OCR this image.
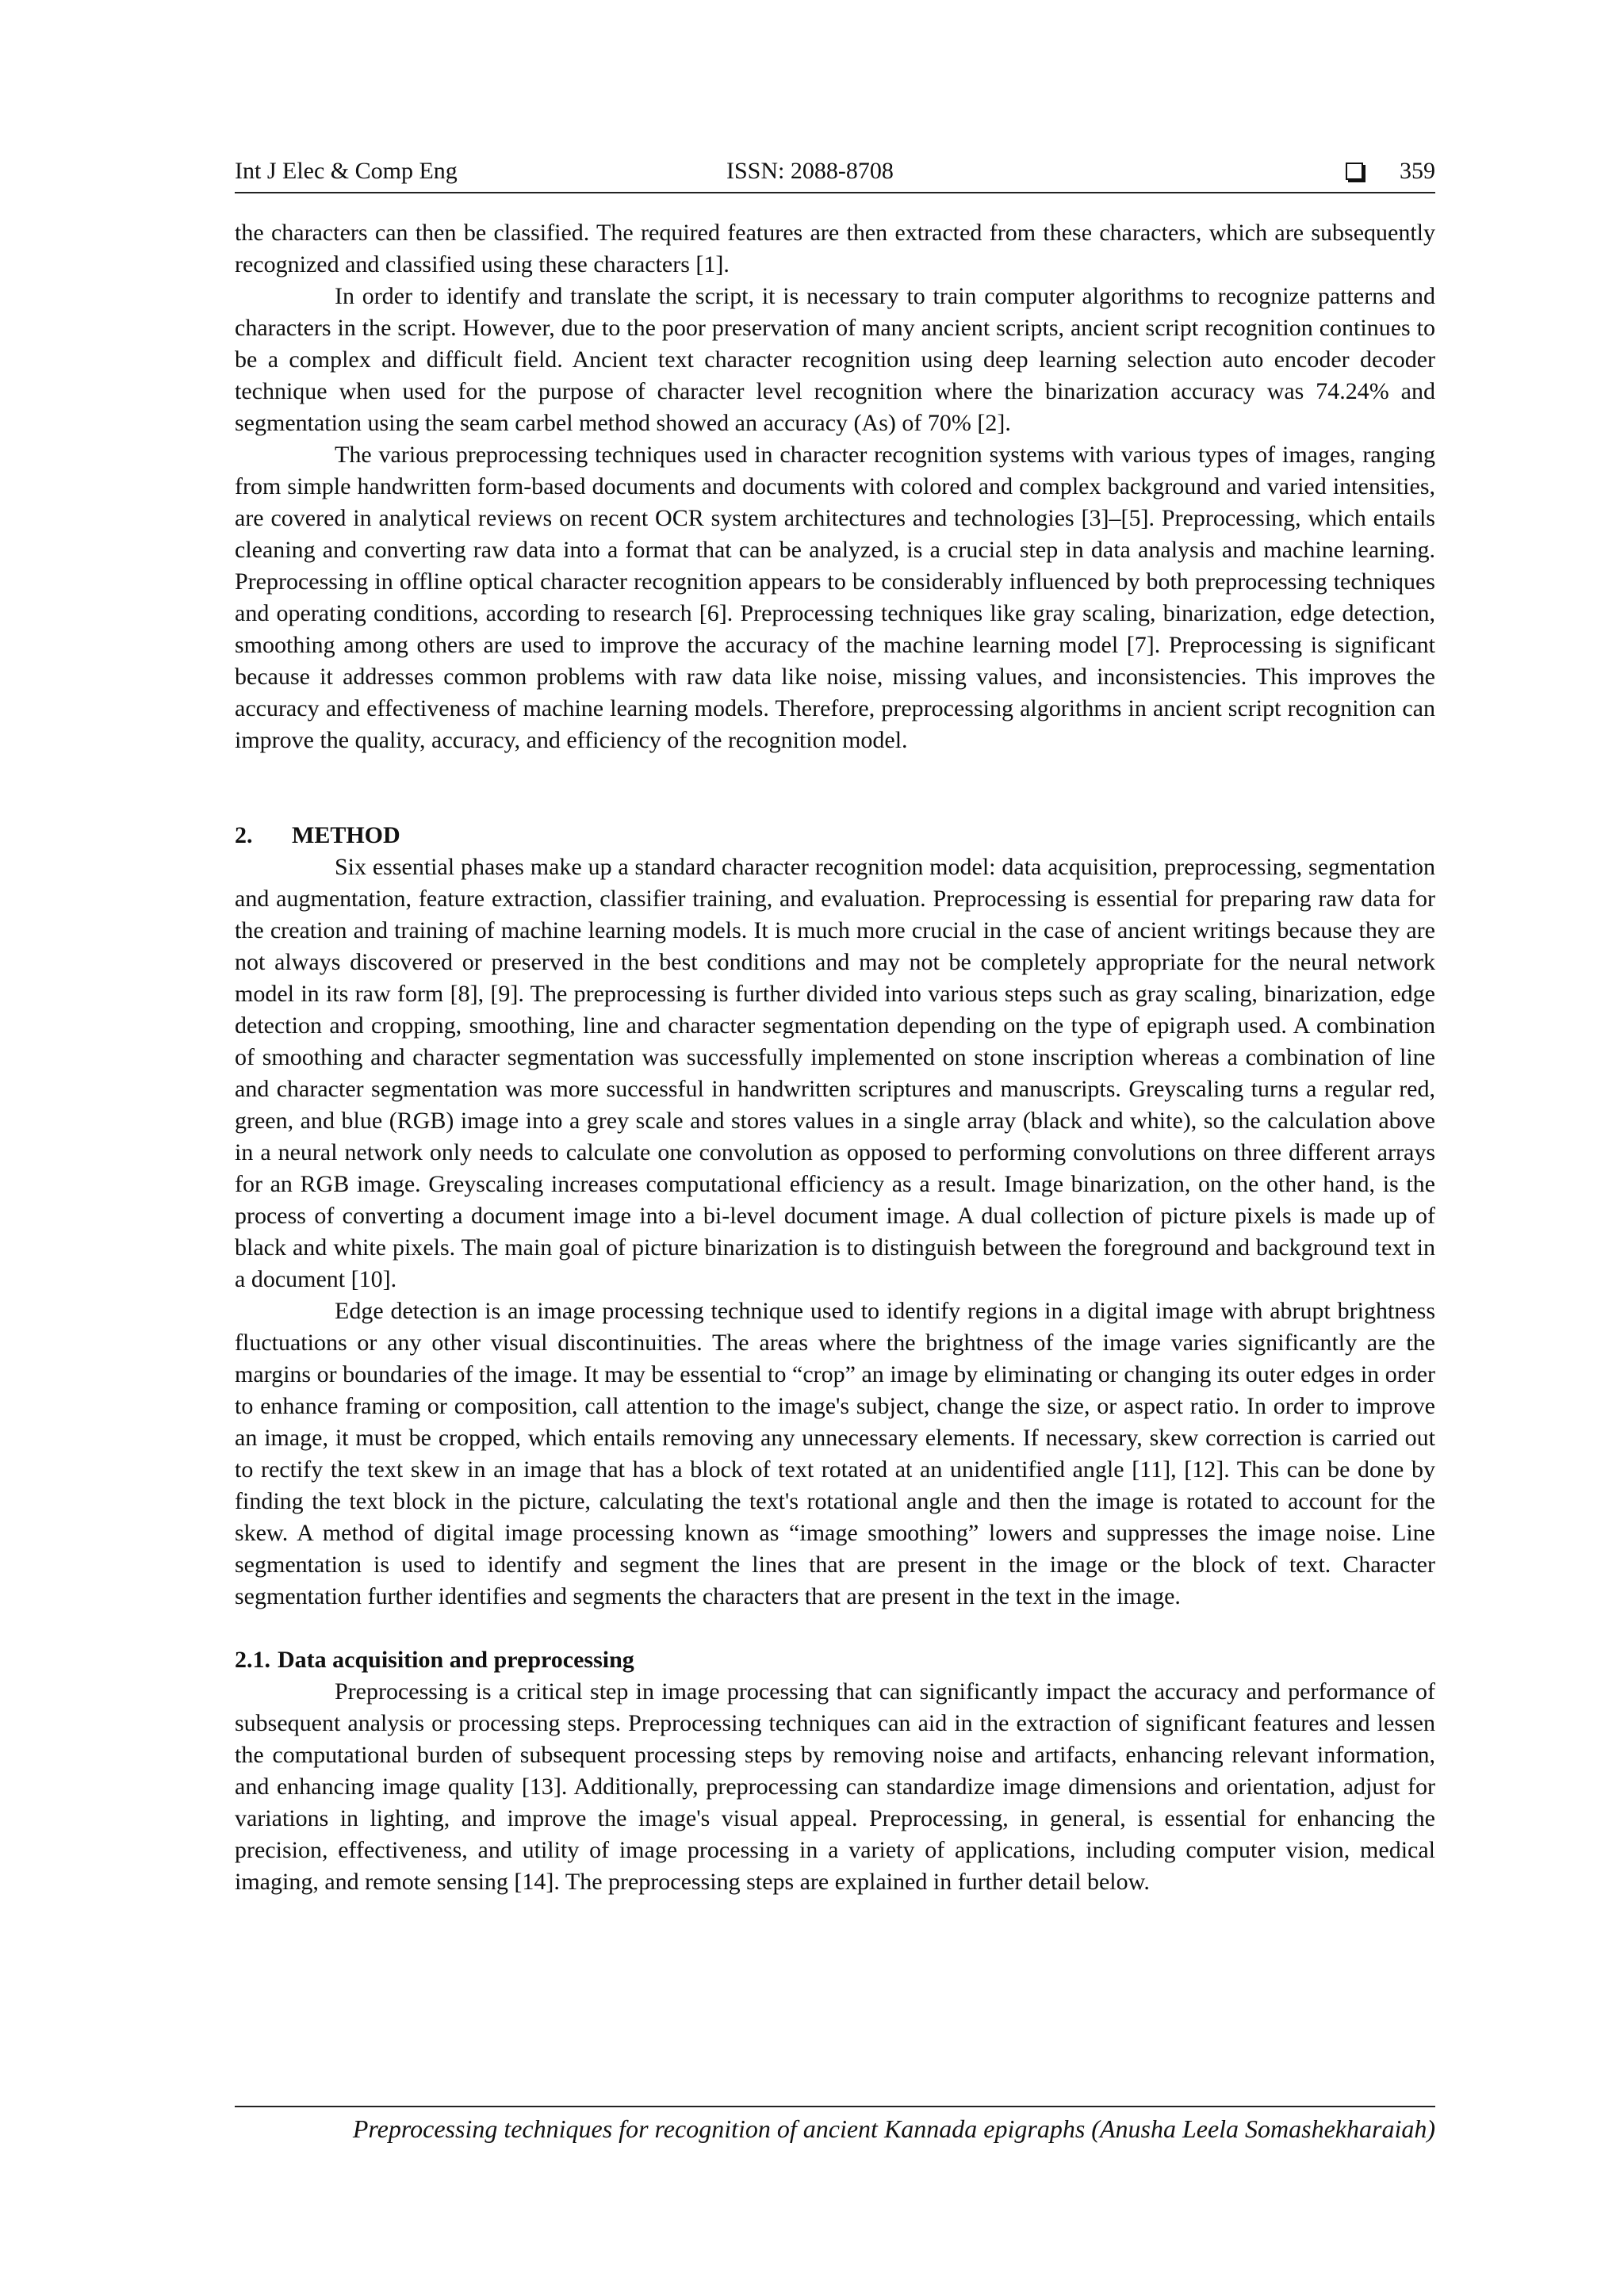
Int J Elec & Comp Eng	ISSN: 2088-8708	359

the characters can then be classified. The required features are then extracted from these characters, which are subsequently recognized and classified using these characters [1].

In order to identify and translate the script, it is necessary to train computer algorithms to recognize patterns and characters in the script. However, due to the poor preservation of many ancient scripts, ancient script recognition continues to be a complex and difficult field. Ancient text character recognition using deep learning selection auto encoder decoder technique when used for the purpose of character level recognition where the binarization accuracy was 74.24% and segmentation using the seam carbel method showed an accuracy (As) of 70% [2].

The various preprocessing techniques used in character recognition systems with various types of images, ranging from simple handwritten form-based documents and documents with colored and complex background and varied intensities, are covered in analytical reviews on recent OCR system architectures and technologies [3]–[5]. Preprocessing, which entails cleaning and converting raw data into a format that can be analyzed, is a crucial step in data analysis and machine learning. Preprocessing in offline optical character recognition appears to be considerably influenced by both preprocessing techniques and operating conditions, according to research [6]. Preprocessing techniques like gray scaling, binarization, edge detection, smoothing among others are used to improve the accuracy of the machine learning model [7]. Preprocessing is significant because it addresses common problems with raw data like noise, missing values, and inconsistencies. This improves the accuracy and effectiveness of machine learning models. Therefore, preprocessing algorithms in ancient script recognition can improve the quality, accuracy, and efficiency of the recognition model.

2. METHOD

Six essential phases make up a standard character recognition model: data acquisition, preprocessing, segmentation and augmentation, feature extraction, classifier training, and evaluation. Preprocessing is essential for preparing raw data for the creation and training of machine learning models. It is much more crucial in the case of ancient writings because they are not always discovered or preserved in the best conditions and may not be completely appropriate for the neural network model in its raw form [8], [9]. The preprocessing is further divided into various steps such as gray scaling, binarization, edge detection and cropping, smoothing, line and character segmentation depending on the type of epigraph used. A combination of smoothing and character segmentation was successfully implemented on stone inscription whereas a combination of line and character segmentation was more successful in handwritten scriptures and manuscripts. Greyscaling turns a regular red, green, and blue (RGB) image into a grey scale and stores values in a single array (black and white), so the calculation above in a neural network only needs to calculate one convolution as opposed to performing convolutions on three different arrays for an RGB image. Greyscaling increases computational efficiency as a result. Image binarization, on the other hand, is the process of converting a document image into a bi-level document image. A dual collection of picture pixels is made up of black and white pixels. The main goal of picture binarization is to distinguish between the foreground and background text in a document [10].

Edge detection is an image processing technique used to identify regions in a digital image with abrupt brightness fluctuations or any other visual discontinuities. The areas where the brightness of the image varies significantly are the margins or boundaries of the image. It may be essential to “crop” an image by eliminating or changing its outer edges in order to enhance framing or composition, call attention to the image's subject, change the size, or aspect ratio. In order to improve an image, it must be cropped, which entails removing any unnecessary elements. If necessary, skew correction is carried out to rectify the text skew in an image that has a block of text rotated at an unidentified angle [11], [12]. This can be done by finding the text block in the picture, calculating the text's rotational angle and then the image is rotated to account for the skew. A method of digital image processing known as “image smoothing” lowers and suppresses the image noise. Line segmentation is used to identify and segment the lines that are present in the image or the block of text. Character segmentation further identifies and segments the characters that are present in the text in the image.

2.1. Data acquisition and preprocessing

Preprocessing is a critical step in image processing that can significantly impact the accuracy and performance of subsequent analysis or processing steps. Preprocessing techniques can aid in the extraction of significant features and lessen the computational burden of subsequent processing steps by removing noise and artifacts, enhancing relevant information, and enhancing image quality [13]. Additionally, preprocessing can standardize image dimensions and orientation, adjust for variations in lighting, and improve the image's visual appeal. Preprocessing, in general, is essential for enhancing the precision, effectiveness, and utility of image processing in a variety of applications, including computer vision, medical imaging, and remote sensing [14]. The preprocessing steps are explained in further detail below.

Preprocessing techniques for recognition of ancient Kannada epigraphs (Anusha Leela Somashekharaiah)
